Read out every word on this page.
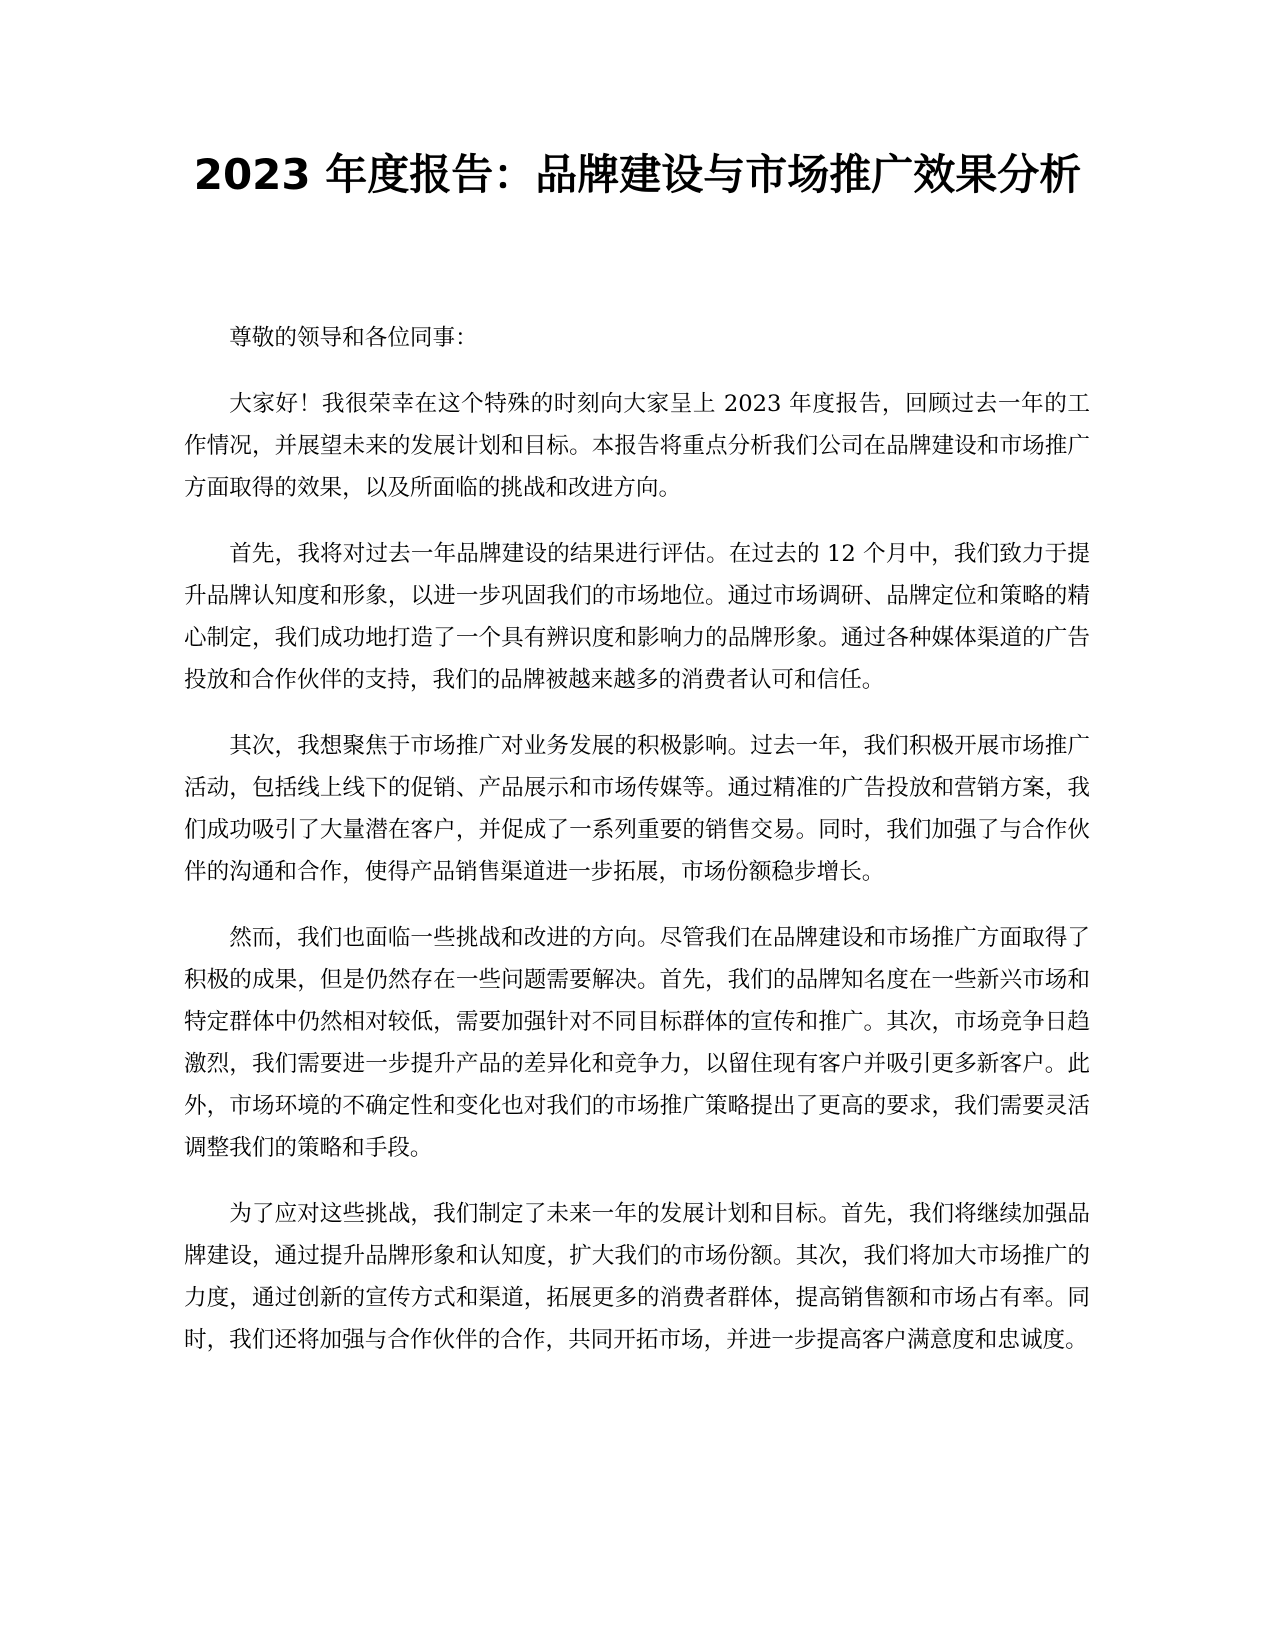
2023 年度报告：品牌建设与市场推广效果分析

尊敬的领导和各位同事：

大家好！我很荣幸在这个特殊的时刻向大家呈上 2023 年度报告，回顾过去一年的工作情况，并展望未来的发展计划和目标。本报告将重点分析我们公司在品牌建设和市场推广方面取得的效果，以及所面临的挑战和改进方向。

首先，我将对过去一年品牌建设的结果进行评估。在过去的 12 个月中，我们致力于提升品牌认知度和形象，以进一步巩固我们的市场地位。通过市场调研、品牌定位和策略的精心制定，我们成功地打造了一个具有辨识度和影响力的品牌形象。通过各种媒体渠道的广告投放和合作伙伴的支持，我们的品牌被越来越多的消费者认可和信任。

其次，我想聚焦于市场推广对业务发展的积极影响。过去一年，我们积极开展市场推广活动，包括线上线下的促销、产品展示和市场传媒等。通过精准的广告投放和营销方案，我们成功吸引了大量潜在客户，并促成了一系列重要的销售交易。同时，我们加强了与合作伙伴的沟通和合作，使得产品销售渠道进一步拓展，市场份额稳步增长。

然而，我们也面临一些挑战和改进的方向。尽管我们在品牌建设和市场推广方面取得了积极的成果，但是仍然存在一些问题需要解决。首先，我们的品牌知名度在一些新兴市场和特定群体中仍然相对较低，需要加强针对不同目标群体的宣传和推广。其次，市场竞争日趋激烈，我们需要进一步提升产品的差异化和竞争力，以留住现有客户并吸引更多新客户。此外，市场环境的不确定性和变化也对我们的市场推广策略提出了更高的要求，我们需要灵活调整我们的策略和手段。

为了应对这些挑战，我们制定了未来一年的发展计划和目标。首先，我们将继续加强品牌建设，通过提升品牌形象和认知度，扩大我们的市场份额。其次，我们将加大市场推广的力度，通过创新的宣传方式和渠道，拓展更多的消费者群体，提高销售额和市场占有率。同时，我们还将加强与合作伙伴的合作，共同开拓市场，并进一步提高客户满意度和忠诚度。
